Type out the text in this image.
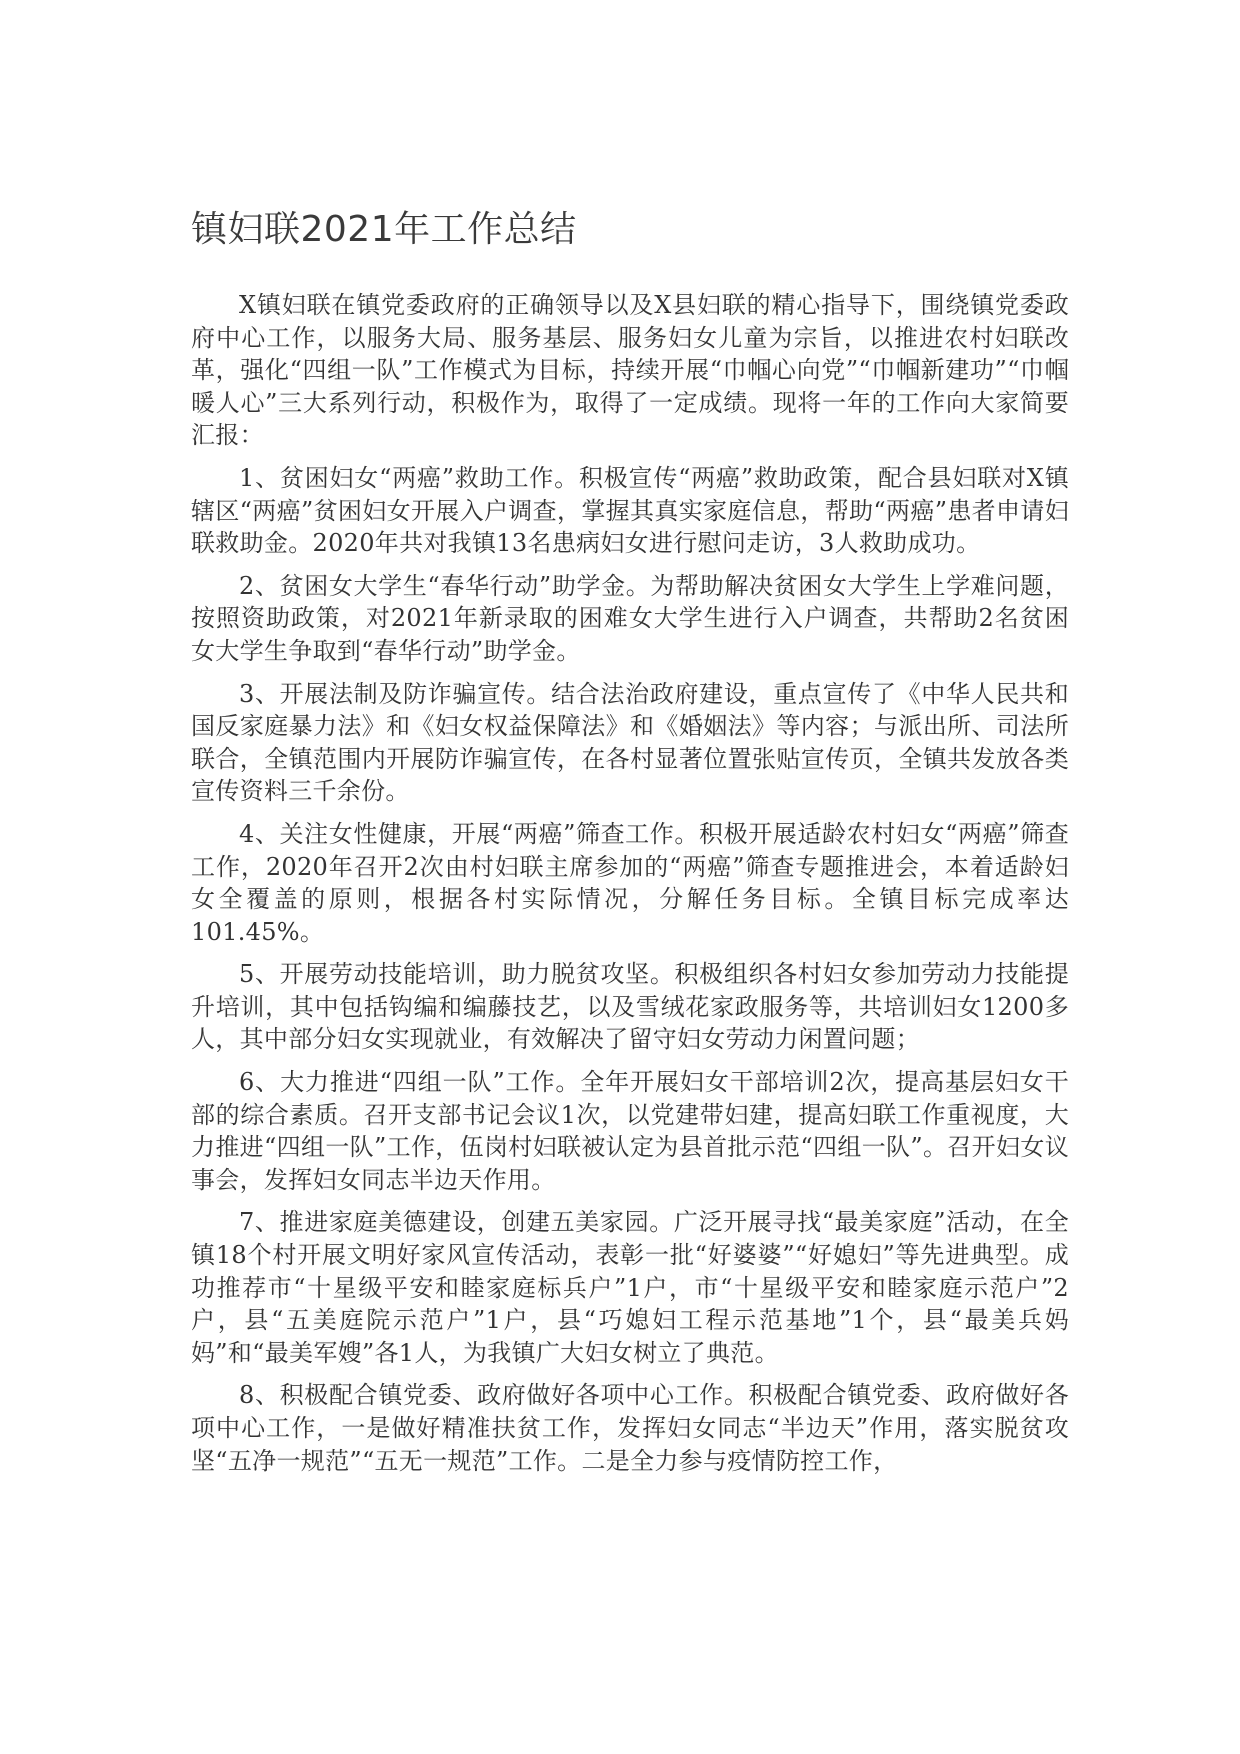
镇妇联2021年工作总结

X镇妇联在镇党委政府的正确领导以及X县妇联的精心指导下，围绕镇党委政府中心工作，以服务大局、服务基层、服务妇女儿童为宗旨，以推进农村妇联改革，强化“四组一队”工作模式为目标，持续开展“巾帼心向党”“巾帼新建功”“巾帼暖人心”三大系列行动，积极作为，取得了一定成绩。现将一年的工作向大家简要汇报：

1、贫困妇女“两癌”救助工作。积极宣传“两癌”救助政策，配合县妇联对X镇辖区“两癌”贫困妇女开展入户调查，掌握其真实家庭信息，帮助“两癌”患者申请妇联救助金。2020年共对我镇13名患病妇女进行慰问走访，3人救助成功。

2、贫困女大学生“春华行动”助学金。为帮助解决贫困女大学生上学难问题，按照资助政策，对2021年新录取的困难女大学生进行入户调查，共帮助2名贫困女大学生争取到“春华行动”助学金。

3、开展法制及防诈骗宣传。结合法治政府建设，重点宣传了《中华人民共和国反家庭暴力法》和《妇女权益保障法》和《婚姻法》等内容；与派出所、司法所联合，全镇范围内开展防诈骗宣传，在各村显著位置张贴宣传页，全镇共发放各类宣传资料三千余份。

4、关注女性健康，开展“两癌”筛查工作。积极开展适龄农村妇女“两癌”筛查工作，2020年召开2次由村妇联主席参加的“两癌”筛查专题推进会，本着适龄妇女全覆盖的原则，根据各村实际情况，分解任务目标。全镇目标完成率达101.45%。

5、开展劳动技能培训，助力脱贫攻坚。积极组织各村妇女参加劳动力技能提升培训，其中包括钩编和编藤技艺，以及雪绒花家政服务等，共培训妇女1200多人，其中部分妇女实现就业，有效解决了留守妇女劳动力闲置问题；

6、大力推进“四组一队”工作。全年开展妇女干部培训2次，提高基层妇女干部的综合素质。召开支部书记会议1次，以党建带妇建，提高妇联工作重视度，大力推进“四组一队”工作，伍岗村妇联被认定为县首批示范“四组一队”。召开妇女议事会，发挥妇女同志半边天作用。

7、推进家庭美德建设，创建五美家园。广泛开展寻找“最美家庭”活动，在全镇18个村开展文明好家风宣传活动，表彰一批“好婆婆”“好媳妇”等先进典型。成功推荐市“十星级平安和睦家庭标兵户”1户，市“十星级平安和睦家庭示范户”2户，县“五美庭院示范户”1户，县“巧媳妇工程示范基地”1个，县“最美兵妈妈”和“最美军嫂”各1人，为我镇广大妇女树立了典范。

8、积极配合镇党委、政府做好各项中心工作。积极配合镇党委、政府做好各项中心工作，一是做好精准扶贫工作，发挥妇女同志“半边天”作用，落实脱贫攻坚“五净一规范”“五无一规范”工作。二是全力参与疫情防控工作，
